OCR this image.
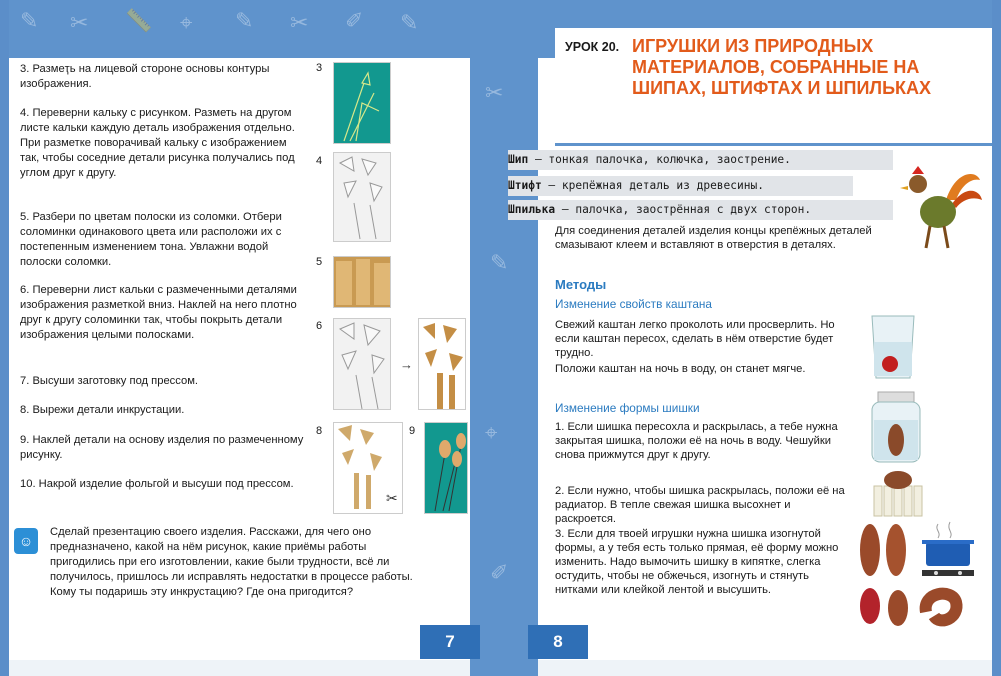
✎ ✂ 📏 ⌖ ✎ ✂ ✐ ✎
✂
✎
⌖
✐
3. Размеҭь на лицевой стороне основы контуры изображения.
4. Переверни кальку с рисунком. Разметь на другом листе кальки каждую деталь изображения отдельно. При разметке поворачивай кальку с изображением так, чтобы соседние детали рисунка получались под углом друг к другу.
5. Разбери по цветам полоски из соломки. Отбери соломинки одинакового цвета или расположи их с постепенным изменением тона. Увлажни водой полоски соломки.
6. Переверни лист кальки с размеченными деталями изображения разметкой вниз. Наклей на него плотно друг к другу соломинки так, чтобы покрыть детали изображения целыми полосками.
7. Высуши заготовку под прессом.
8. Вырежи детали инкрустации.
9. Наклей детали на основу изделия по размеченному рисунку.
10. Накрой изделие фольгой и высуши под прессом.
3
4
5
6
→
8
✂
9
☺
Сделай презентацию своего изделия. Расскажи, для чего оно предназначено, какой на нём рисунок, какие приёмы работы пригодились при его изготовлении, какие были трудности, всё ли получилось, пришлось ли исправлять недостатки в процессе работы. Кому ты подаришь эту инкрустацию? Где она пригодится?
УРОК 20. ИГРУШКИ ИЗ ПРИРОДНЫХ МАТЕРИАЛОВ, СОБРАННЫЕ НА ШИПАХ, ШТИФТАХ И ШПИЛЬКАХ
Шип — тонкая палочка, колючка, заострение.
Штифт — крепёжная деталь из древесины.
Шпилька — палочка, заострённая с двух сторон.
Для соединения деталей изделия концы крепёжных деталей смазывают клеем и вставляют в отверстия в деталях.
Методы
Изменение свойств каштана
Свежий каштан легко проколоть или просверлить. Но если каштан пересох, сделать в нём отверстие будет трудно.
Положи каштан на ночь в воду, он станет мягче.
Изменение формы шишки
1. Если шишка пересохла и раскрылась, а тебе нужна закрытая шишка, положи её на ночь в воду. Чешуйки снова прижмутся друг к другу.
2. Если нужно, чтобы шишка раскрылась, положи её на радиатор. В тепле свежая шишка высохнет и раскроется.
3. Если для твоей игрушки нужна шишка изогнутой формы, а у тебя есть только прямая, её форму можно изменить. Надо вымочить шишку в кипятке, слегка остудить, чтобы не обжечься, изогнуть и стянуть нитками или клейкой лентой и высушить.
7	8
